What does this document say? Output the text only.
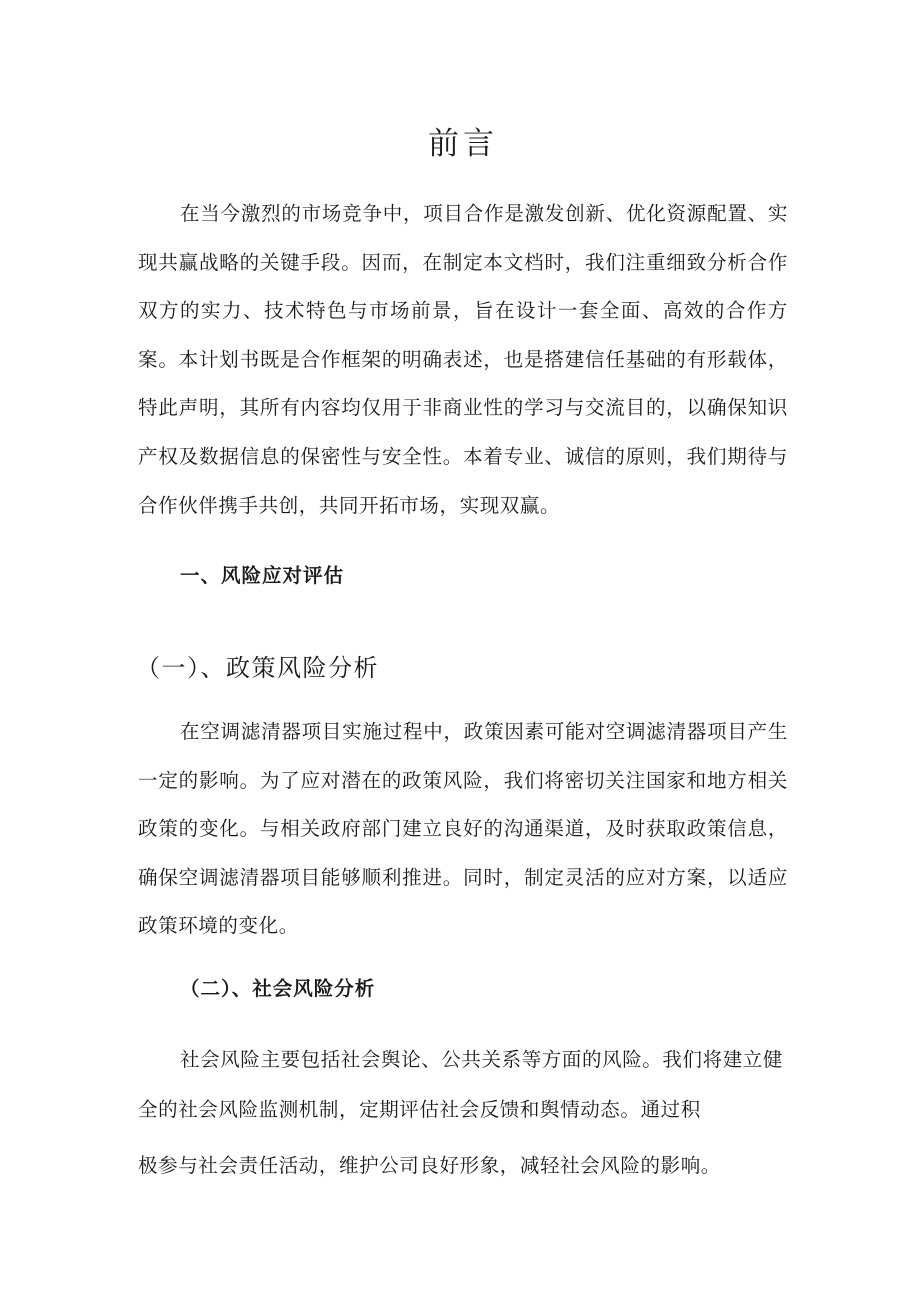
前言
在当今激烈的市场竞争中，项目合作是激发创新、优化资源配置、实现共赢战略的关键手段。因而，在制定本文档时，我们注重细致分析合作双方的实力、技术特色与市场前景，旨在设计一套全面、高效的合作方案。本计划书既是合作框架的明确表述，也是搭建信任基础的有形载体，特此声明，其所有内容均仅用于非商业性的学习与交流目的，以确保知识产权及数据信息的保密性与安全性。本着专业、诚信的原则，我们期待与合作伙伴携手共创，共同开拓市场，实现双赢。
一、风险应对评估
（一）、政策风险分析
在空调滤清器项目实施过程中，政策因素可能对空调滤清器项目产生一定的影响。为了应对潜在的政策风险，我们将密切关注国家和地方相关政策的变化。与相关政府部门建立良好的沟通渠道，及时获取政策信息，确保空调滤清器项目能够顺利推进。同时，制定灵活的应对方案，以适应政策环境的变化。
（二）、社会风险分析
社会风险主要包括社会舆论、公共关系等方面的风险。我们将建立健
全的社会风险监测机制，定期评估社会反馈和舆情动态。通过积
极参与社会责任活动，维护公司良好形象，减轻社会风险的影响。
